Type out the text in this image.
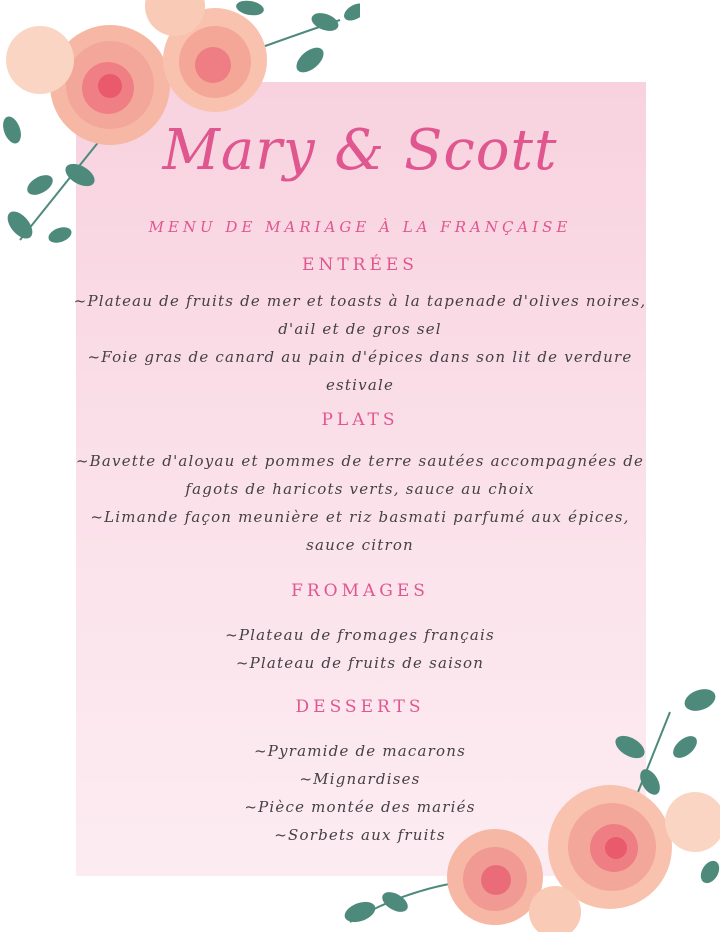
Mary & Scott
MENU DE MARIAGE À LA FRANÇAISE
ENTRÉES
~Plateau de fruits de mer et toasts à la tapenade d'olives noires,
d'ail et de gros sel
~Foie gras de canard au pain d'épices dans son lit de verdure
estivale
PLATS
~Bavette d'aloyau et pommes de terre sautées accompagnées de
fagots de haricots verts, sauce au choix
~Limande façon meunière et riz basmati parfumé aux épices,
sauce citron
FROMAGES
~Plateau de fromages français
~Plateau de fruits de saison
DESSERTS
~Pyramide de macarons
~Mignardises
~Pièce montée des mariés
~Sorbets aux fruits
